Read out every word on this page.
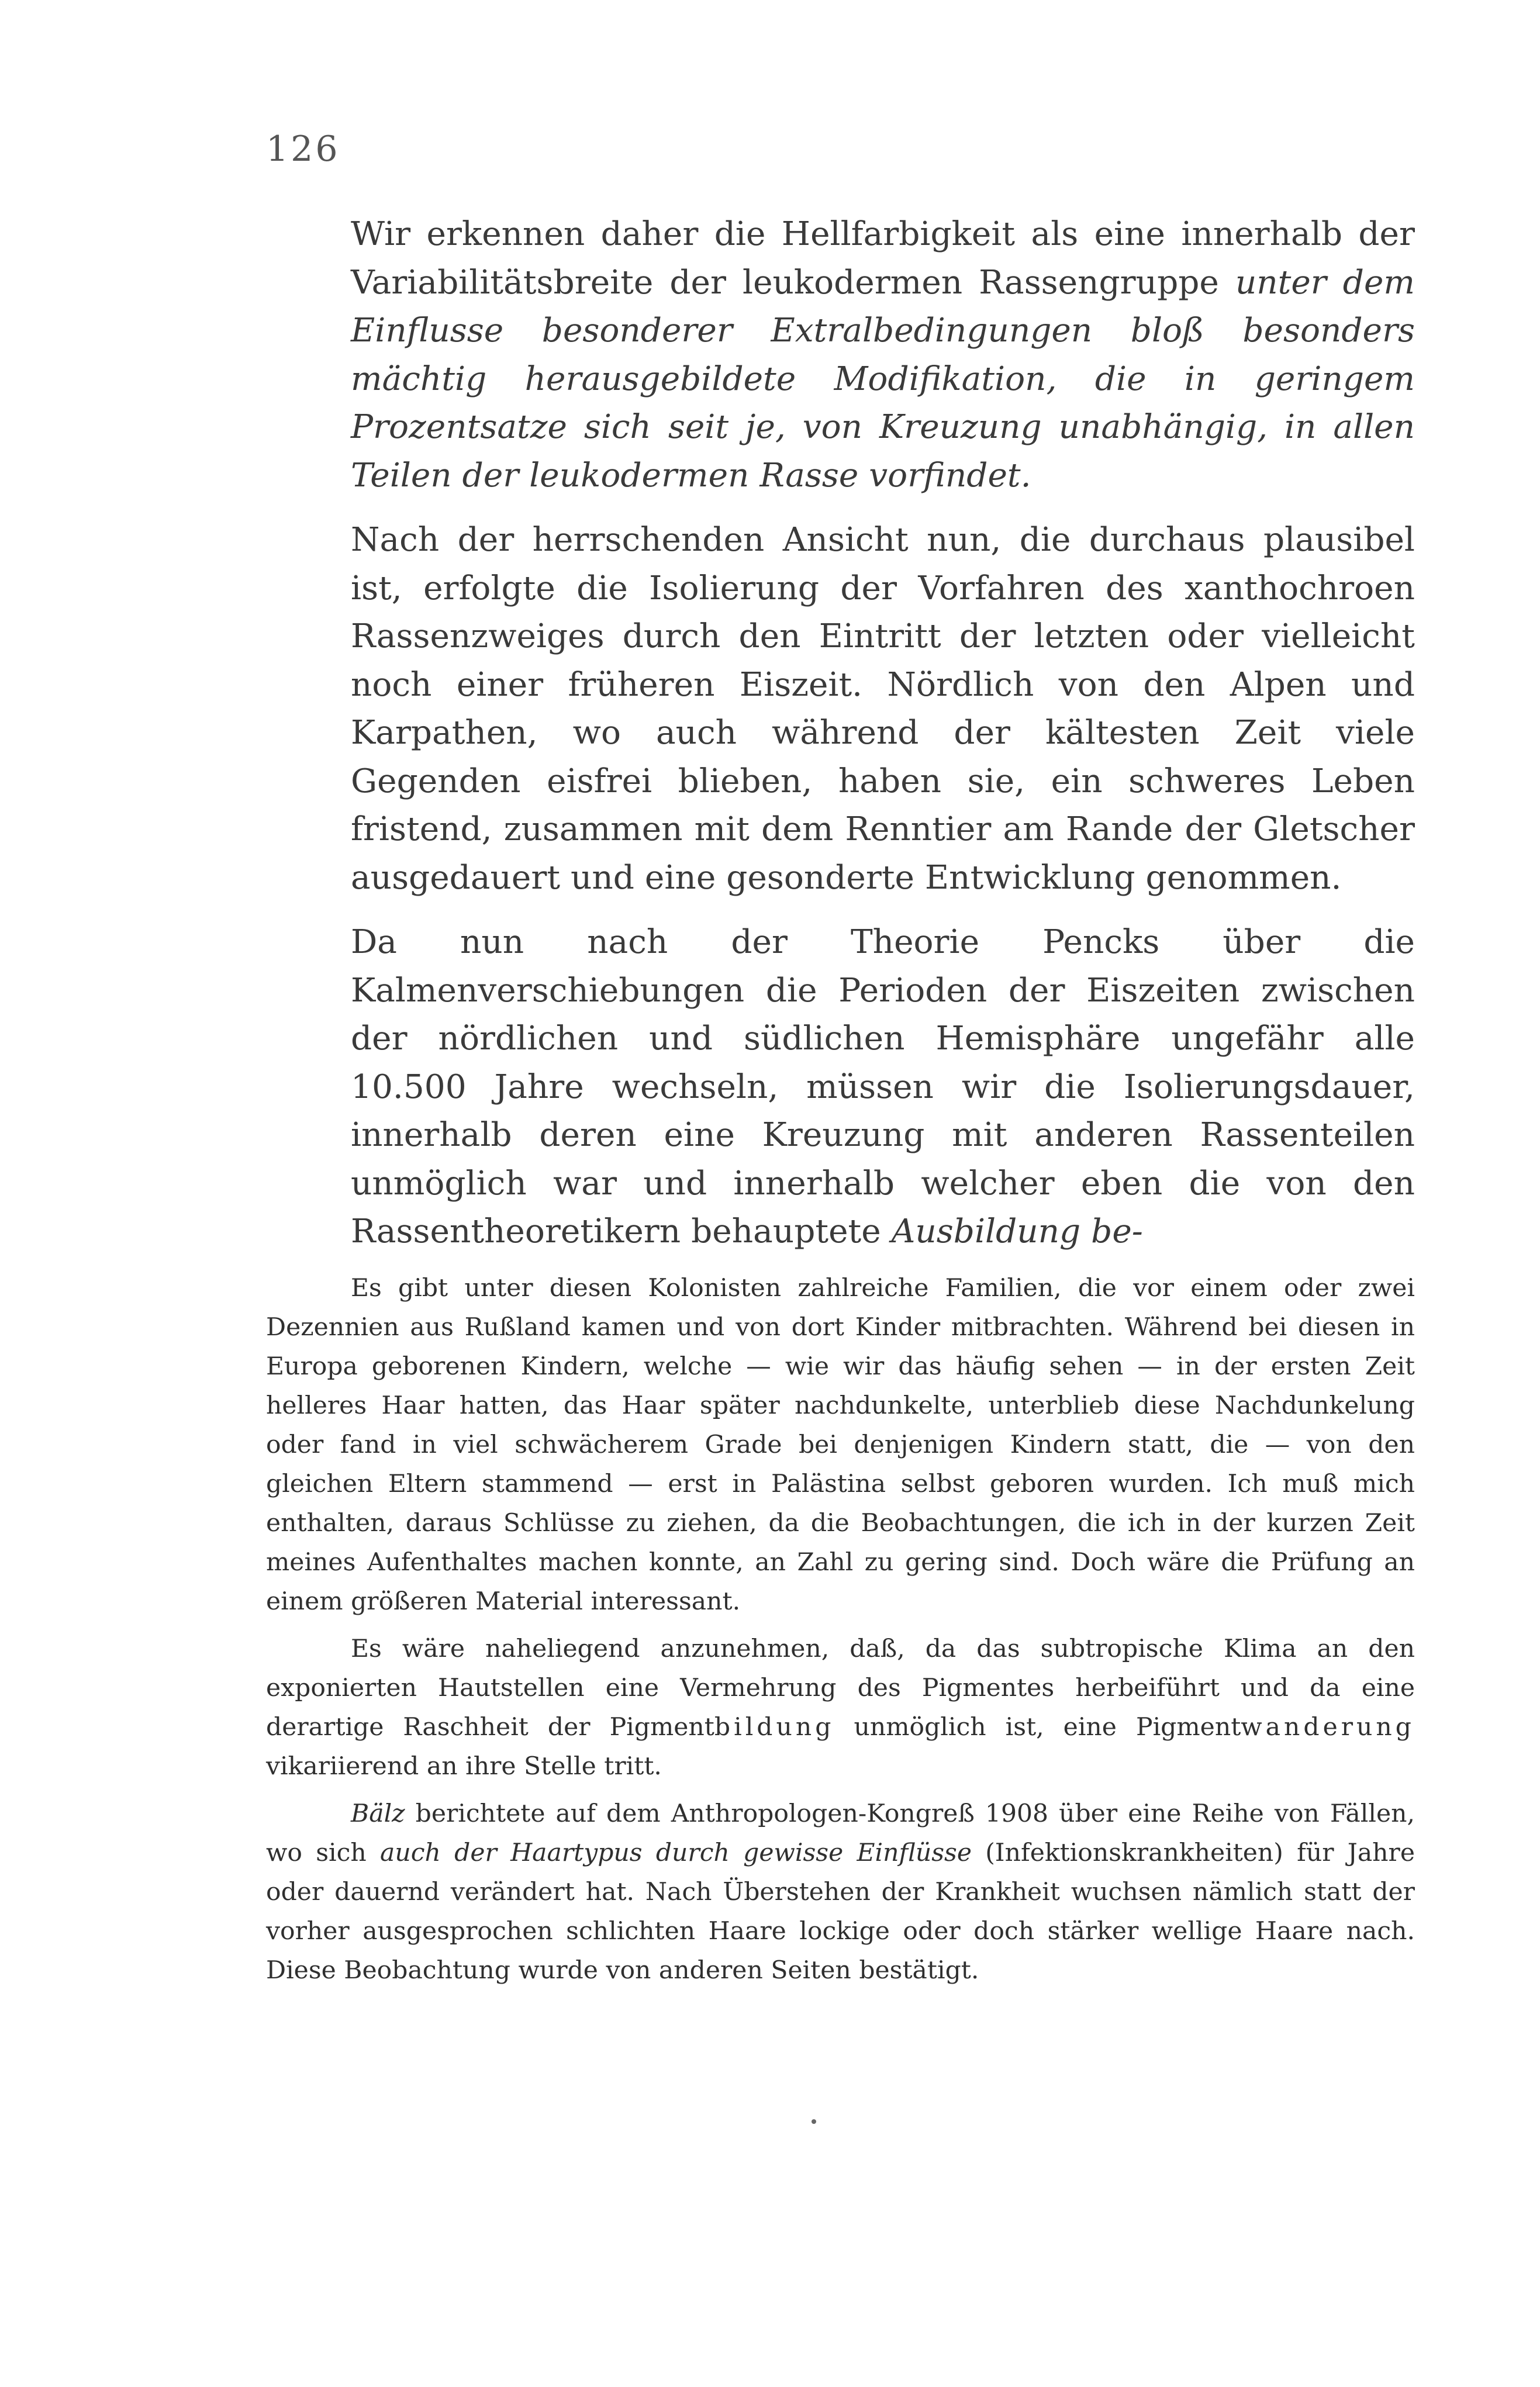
126

Wir erkennen daher die Hellfarbigkeit als eine innerhalb der Variabilitätsbreite der leukodermen Rassengruppe unter dem Einflusse besonderer Extralbedingungen bloß besonders mächtig herausgebildete Modifikation, die in geringem Prozentsatze sich seit je, von Kreuzung unabhängig, in allen Teilen der leukodermen Rasse vorfindet.

Nach der herrschenden Ansicht nun, die durchaus plausibel ist, erfolgte die Isolierung der Vorfahren des xanthochroen Rassenzweiges durch den Eintritt der letzten oder vielleicht noch einer früheren Eiszeit. Nördlich von den Alpen und Karpathen, wo auch während der kältesten Zeit viele Gegenden eisfrei blieben, haben sie, ein schweres Leben fristend, zusammen mit dem Renntier am Rande der Gletscher ausgedauert und eine gesonderte Entwicklung genommen.

Da nun nach der Theorie Pencks über die Kalmenverschiebungen die Perioden der Eiszeiten zwischen der nördlichen und südlichen Hemisphäre ungefähr alle 10.500 Jahre wechseln, müssen wir die Isolierungsdauer, innerhalb deren eine Kreuzung mit anderen Rassenteilen unmöglich war und innerhalb welcher eben die von den Rassentheoretikern behauptete Ausbildung be-

Es gibt unter diesen Kolonisten zahlreiche Familien, die vor einem oder zwei Dezennien aus Rußland kamen und von dort Kinder mitbrachten. Während bei diesen in Europa geborenen Kindern, welche — wie wir das häufig sehen — in der ersten Zeit helleres Haar hatten, das Haar später nachdunkelte, unterblieb diese Nachdunkelung oder fand in viel schwächerem Grade bei denjenigen Kindern statt, die — von den gleichen Eltern stammend — erst in Palästina selbst geboren wurden. Ich muß mich enthalten, daraus Schlüsse zu ziehen, da die Beobachtungen, die ich in der kurzen Zeit meines Aufenthaltes machen konnte, an Zahl zu gering sind. Doch wäre die Prüfung an einem größeren Material interessant.

Es wäre naheliegend anzunehmen, daß, da das subtropische Klima an den exponierten Hautstellen eine Vermehrung des Pigmentes herbeiführt und da eine derartige Raschheit der Pigmentbildung unmöglich ist, eine Pigmentwanderung vikariierend an ihre Stelle tritt.

Bälz berichtete auf dem Anthropologen-Kongreß 1908 über eine Reihe von Fällen, wo sich auch der Haartypus durch gewisse Einflüsse (Infektionskrankheiten) für Jahre oder dauernd verändert hat. Nach Überstehen der Krankheit wuchsen nämlich statt der vorher ausgesprochen schlichten Haare lockige oder doch stärker wellige Haare nach. Diese Beobachtung wurde von anderen Seiten bestätigt.
